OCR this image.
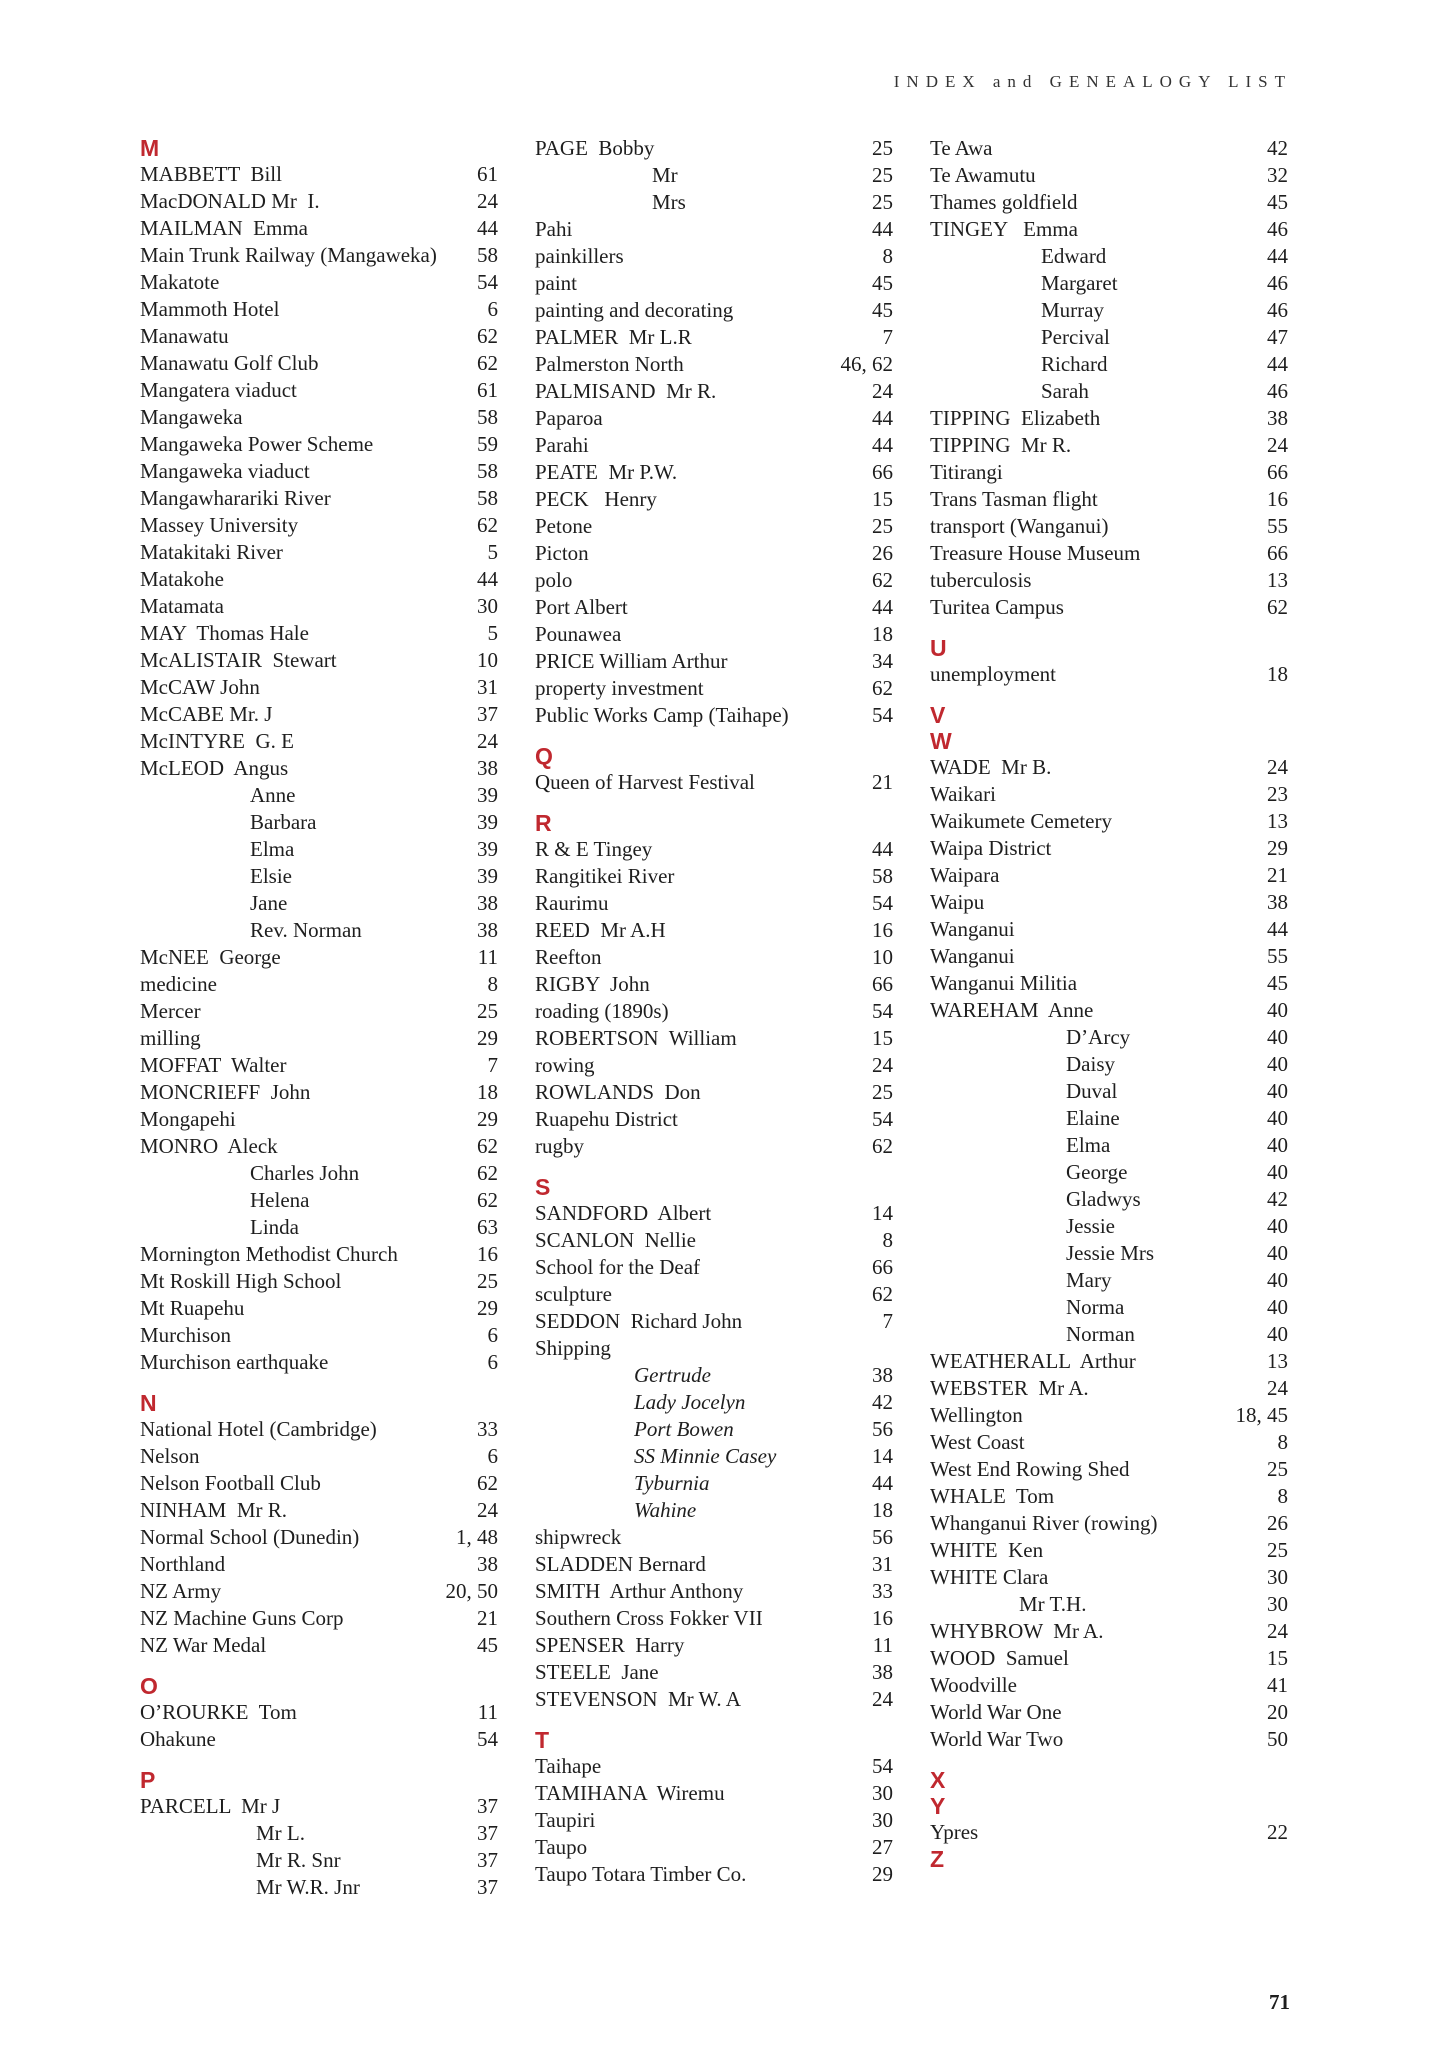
INDEX and GENEALOGY LIST
M
MABBETT  Bill	61
MacDONALD Mr  I.	24
MAILMAN  Emma	44
Main Trunk Railway (Mangaweka) 58
Makatote	54
Mammoth Hotel	6
Manawatu	62
Manawatu Golf Club	62
Mangatera viaduct	61
Mangaweka	58
Mangaweka Power Scheme	59
Mangaweka viaduct	58
Mangawharariki River	58
Massey University	62
Matakitaki River	5
Matakohe	44
Matamata	30
MAY  Thomas Hale	5
McALISTAIR  Stewart	10
McCAW John	31
McCABE Mr. J	37
McINTYRE  G. E	24
McLEOD  Angus	38
Anne	39
Barbara	39
Elma	39
Elsie	39
Jane	38
Rev. Norman	38
McNEE  George	11
medicine	8
Mercer	25
milling	29
MOFFAT  Walter	7
MONCRIEFF  John	18
Mongapehi	29
MONRO  Aleck	62
Charles John	62
Helena	62
Linda	63
Mornington Methodist Church	16
Mt Roskill High School	25
Mt Ruapehu	29
Murchison	6
Murchison earthquake	6
N
National Hotel (Cambridge)	33
Nelson	6
Nelson Football Club	62
NINHAM  Mr R.	24
Normal School (Dunedin)	1, 48
Northland	38
NZ Army	20, 50
NZ Machine Guns Corp	21
NZ War Medal	45
O
O’ROURKE  Tom	11
Ohakune	54
P
PARCELL  Mr J	37
Mr L.	37
Mr R. Snr	37
Mr W.R. Jnr	37
PAGE  Bobby	25
Mr	25
Mrs	25
Pahi	44
painkillers	8
paint	45
painting and decorating	45
PALMER  Mr L.R	7
Palmerston North	46, 62
PALMISAND  Mr R.	24
Paparoa	44
Parahi	44
PEATE  Mr P.W.	66
PECK   Henry	15
Petone	25
Picton	26
polo	62
Port Albert	44
Pounawea	18
PRICE William Arthur	34
property investment	62
Public Works Camp (Taihape)	54
Q
Queen of Harvest Festival	21
R
R & E Tingey	44
Rangitikei River	58
Raurimu	54
REED  Mr A.H	16
Reefton	10
RIGBY  John	66
roading (1890s)	54
ROBERTSON  William	15
rowing	24
ROWLANDS  Don	25
Ruapehu District	54
rugby	62
S
SANDFORD  Albert	14
SCANLON  Nellie	8
School for the Deaf	66
sculpture	62
SEDDON  Richard John	7
Shipping
Gertrude	38
Lady Jocelyn	42
Port Bowen	56
SS Minnie Casey	14
Tyburnia	44
Wahine	18
shipwreck	56
SLADDEN Bernard	31
SMITH  Arthur Anthony	33
Southern Cross Fokker VII	16
SPENSER  Harry	11
STEELE  Jane	38
STEVENSON  Mr W. A	24
T
Taihape	54
TAMIHANA  Wiremu	30
Taupiri	30
Taupo	27
Taupo Totara Timber Co.	29
Te Awa	42
Te Awamutu	32
Thames goldfield	45
TINGEY   Emma	46
Edward	44
Margaret	46
Murray	46
Percival	47
Richard	44
Sarah	46
TIPPING  Elizabeth	38
TIPPING  Mr R.	24
Titirangi	66
Trans Tasman flight	16
transport (Wanganui)	55
Treasure House Museum	66
tuberculosis	13
Turitea Campus	62
U
unemployment	18
V
W
WADE  Mr B.	24
Waikari	23
Waikumete Cemetery	13
Waipa District	29
Waipara	21
Waipu	38
Wanganui	44
Wanganui	55
Wanganui Militia	45
WAREHAM  Anne	40
D’Arcy	40
Daisy	40
Duval	40
Elaine	40
Elma	40
George	40
Gladwys	42
Jessie	40
Jessie Mrs	40
Mary	40
Norma	40
Norman	40
WEATHERALL  Arthur	13
WEBSTER  Mr A.	24
Wellington	18, 45
West Coast	8
West End Rowing Shed	25
WHALE  Tom	8
Whanganui River (rowing)	26
WHITE  Ken	25
WHITE Clara	30
Mr T.H.	30
WHYBROW  Mr A.	24
WOOD  Samuel	15
Woodville	41
World War One	20
World War Two	50
X
Y
Ypres	22
Z
71
